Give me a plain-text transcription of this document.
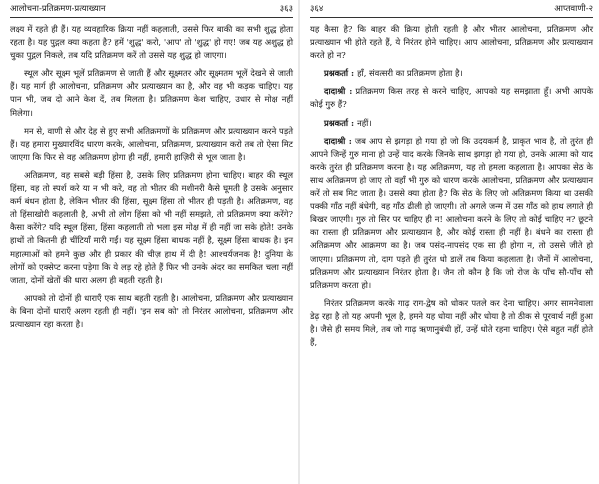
आलोचना-प्रतिक्रमण-प्रत्याख्यान	३६३

लक्ष्य में रहते ही हैं। यह व्यवहारिक क्रिया नहीं कहलाती, उससे फिर बाकी का सभी शुद्ध होता रहता है। यह पुद्गल क्या कहता है? हमें 'शुद्ध' करो, 'आप' तो 'शुद्ध' हो गए! जब यह अशुद्ध हो चुका पुद्गल निकले, तब यदि प्रतिक्रमण करें तो उससे यह शुद्ध हो जाएगा।

स्थूल और सूक्ष्म भूलें प्रतिक्रमण से जाती हैं और सूक्ष्मतर और सूक्ष्मतम भूलें देखने से जाती हैं। यह मार्ग ही आलोचना, प्रतिक्रमण और प्रत्याख्यान का है, और वह भी कड़क चाहिए। यह पान भी, जब दो आने केश दें, तब मिलता है। प्रतिक्रमण केश चाहिए, उधार से मोक्ष नहीं मिलेगा।

मन से, वाणी से और देह से हुए सभी अतिक्रमणों के प्रतिक्रमण और प्रत्याख्यान करने पड़ते हैं। यह हमारा मुख्यारविंद धारण करके, आलोचना, प्रतिक्रमण, प्रत्याख्यान करो तब तो ऐसा मिट जाएगा कि फिर से वह अतिक्रमण होगा ही नहीं, हमारी हाज़िरी से भूल जाता है।

अतिक्रमण, वह सबसे बड़ी हिंसा है, उसके लिए प्रतिक्रमण होना चाहिए। बाहर की स्थूल हिंसा, वह तो स्पर्श करे या न भी करे, वह तो भीतर की मशीनरी कैसे घूमती है उसके अनुसार कर्म बंधन होता है, लेकिन भीतर की हिंसा, सूक्ष्म हिंसा तो भीतर ही पड़ती है। अतिक्रमण, वह तो हिंसाखोरी कहलाती है, अभी तो लोग हिंसा को भी नहीं समझते, तो प्रतिक्रमण क्या करेंगे? कैसा करेंगे? यदि स्थूल हिंसा, हिंसा कहलाती तो भला इस मोक्ष में ही नहीं जा सके होते! उनके हाथों तो कितनी ही चींटियाँ मारी गईं। यह सूक्ष्म हिंसा बाधक नहीं है, सूक्ष्म हिंसा बाधक है। इन महात्माओं को हमने कुछ और ही प्रकार की चीज़ हाथ में दी है! आश्चर्यजनक है! दुनिया के लोगों को एक्सेप्ट करना पड़ेगा कि ये लड़ रहे होते हैं फिर भी उनके अंदर का समकित चला नहीं जाता, दोनों खेतों की धारा अलग ही बहती रहती है।

आपको तो दोनों ही धाराएँ एक साथ बहती रहती है। आलोचना, प्रतिक्रमण और प्रत्याख्यान के बिना दोनों धाराएँ अलग रहती ही नहीं। 'इन सब को' तो निरंतर आलोचना, प्रतिक्रमण और प्रत्याख्यान रहा करता है।

३६४	आप्तवाणी-२

यह कैसा है? कि बाहर की क्रिया होती रहती है और भीतर आलोचना, प्रतिक्रमण और प्रत्याख्यान भी होते रहते हैं, ये निरंतर होने चाहिए। आप आलोचना, प्रतिक्रमण और प्रत्याख्यान करते हो न?

प्रश्नकर्ता : हाँ, संवत्सरी का प्रतिक्रमण होता है।

दादाश्री : प्रतिक्रमण किस तरह से करने चाहिए, आपको यह समझाता हूँ। अभी आपके कोई गुरु हैं?

प्रश्नकर्ता : नहीं।

दादाश्री : जब आप से झगड़ा हो गया हो जो कि उदयकर्म है, प्राकृत भाव है, तो तुरंत ही आपने जिन्हें गुरु माना हो उन्हें याद करके जिनके साथ झगड़ा हो गया हो, उनके आत्मा को याद करके तुरंत ही प्रतिक्रमण करना है। यह अतिक्रमण, यह तो हमला कहलाता है। आपका सेठ के साथ अतिक्रमण हो जाए तो वहाँ भी गुरु को धारण करके आलोचना, प्रतिक्रमण और प्रत्याख्यान करें तो सब मिट जाता है। उससे क्या होता है? कि सेठ के लिए जो अतिक्रमण किया था उसकी पक्की गाँठ नहीं बंधेगी, वह गाँठ ढीली हो जाएगी। तो अगले जन्म में उस गाँठ को हाथ लगाते ही बिखर जाएगी। गुरु तो सिर पर चाहिए ही न! आलोचना करने के लिए तो कोई चाहिए न? छूटने का रास्ता ही प्रतिक्रमण और प्रत्याख्यान है, और कोई रास्ता ही नहीं है। बंधने का रास्ता ही अतिक्रमण और आक्रमण का है। जब पसंद-नापसंद एक सा ही होगा न, तो उससे जीते हो जाएगा। प्रतिक्रमण तो, दाग पड़ते ही तुरंत धो डालें तब किया कहलाता है। जैनों में आलोचना, प्रतिक्रमण और प्रत्याख्यान निरंतर होता है। जैन तो कौन है कि जो रोज के पाँच सौ-पाँच सौ प्रतिक्रमण करता हो।

निरंतर प्रतिक्रमण करके गाढ़ राग-द्वेष को धोकर पतले कर देना चाहिए। अगर सामनेवाला डेढ़ रहा है तो यह अपनी भूल है, हमने यह धोया नहीं और धोया है तो ठीक से पूरवार्थ नहीं हुआ है। जैसे ही समय मिले, तब जो गाढ़ ऋणानुबंधी हों, उन्हें धोते रहना चाहिए। ऐसे बहुत नहीं होते हैं,
